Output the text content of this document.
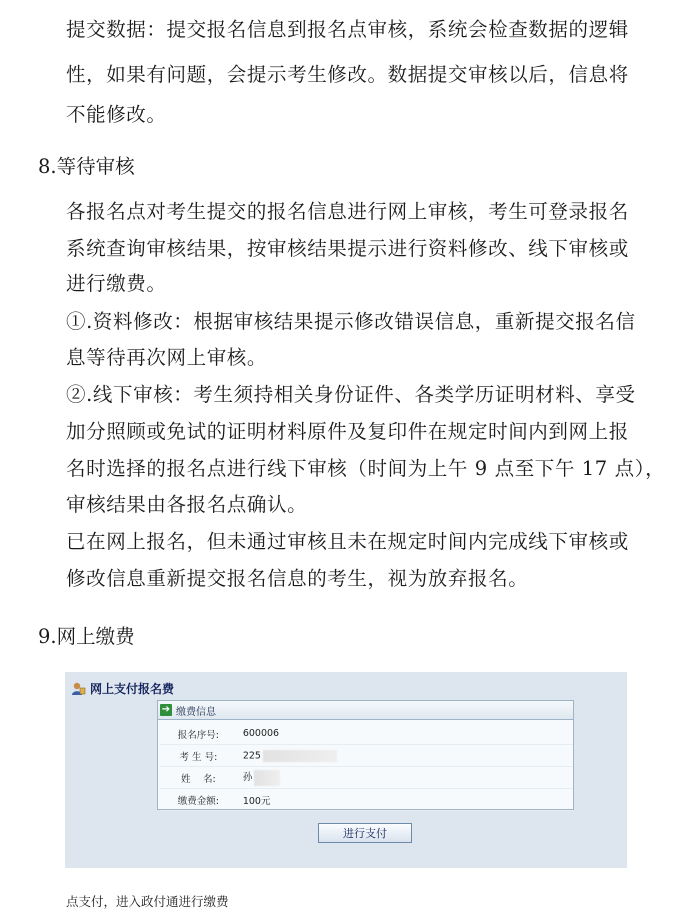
提交数据：提交报名信息到报名点审核，系统会检查数据的逻辑
性，如果有问题，会提示考生修改。数据提交审核以后，信息将
不能修改。
8.等待审核
各报名点对考生提交的报名信息进行网上审核，考生可登录报名
系统查询审核结果，按审核结果提示进行资料修改、线下审核或
进行缴费。
①.资料修改：根据审核结果提示修改错误信息，重新提交报名信
息等待再次网上审核。
②.线下审核：考生须持相关身份证件、各类学历证明材料、享受
加分照顾或免试的证明材料原件及复印件在规定时间内到网上报
名时选择的报名点进行线下审核（时间为上午 9 点至下午 17 点），
审核结果由各报名点确认。
已在网上报名，但未通过审核且未在规定时间内完成线下审核或
修改信息重新提交报名信息的考生，视为放弃报名。
9.网上缴费
网上支付报名费
➔ 缴费信息
报名序号:	600006
考 生 号:	225
姓　 名:	孙
缴费金额:	100元
进行支付
点支付，进入政付通进行缴费
